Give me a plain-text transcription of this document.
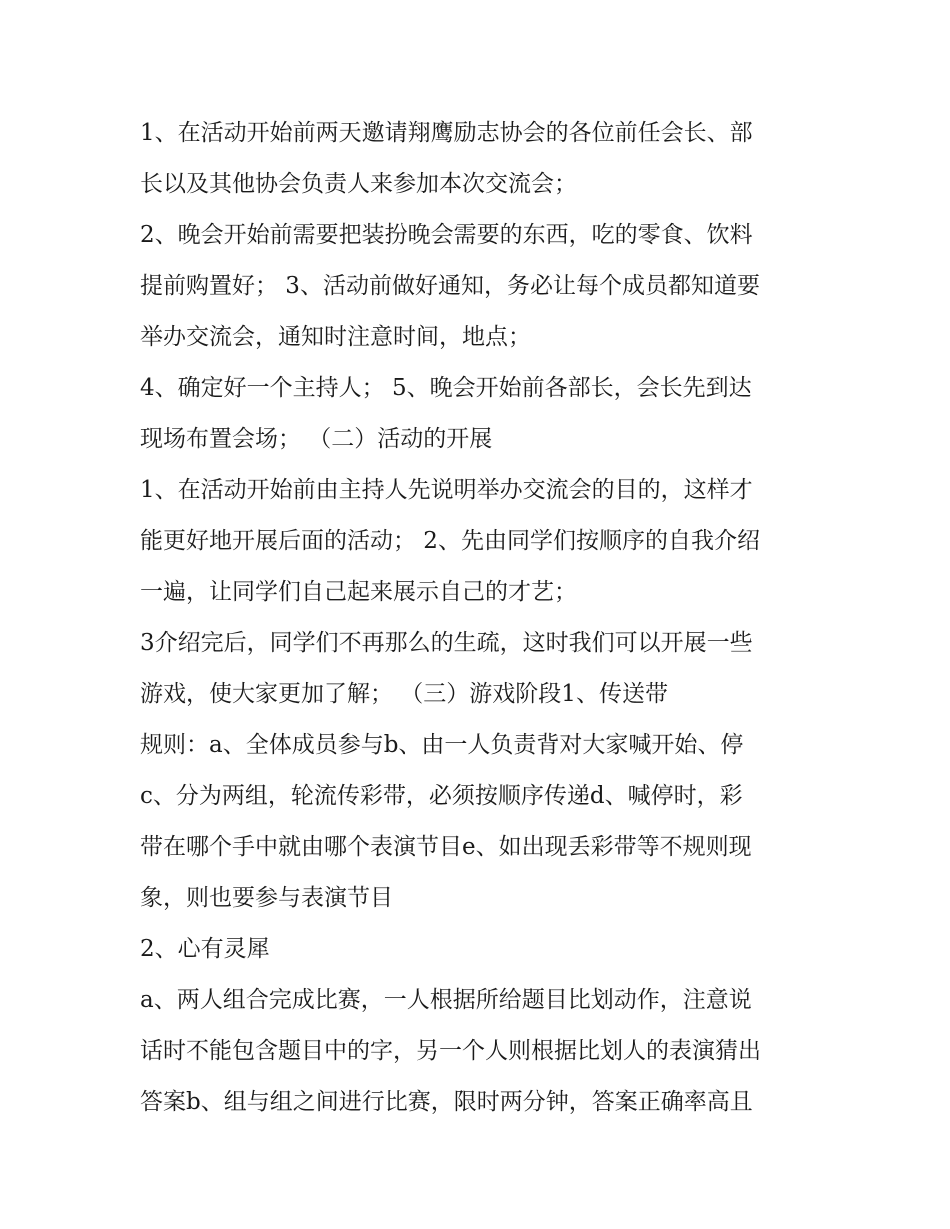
1、在活动开始前两天邀请翔鹰励志协会的各位前任会长、部
长以及其他协会负责人来参加本次交流会；
2、晚会开始前需要把装扮晚会需要的东西，吃的零食、饮料
提前购置好； 3、活动前做好通知，务必让每个成员都知道要
举办交流会，通知时注意时间，地点；
4、确定好一个主持人； 5、晚会开始前各部长，会长先到达
现场布置会场； （二）活动的开展
1、在活动开始前由主持人先说明举办交流会的目的，这样才
能更好地开展后面的活动； 2、先由同学们按顺序的自我介绍
一遍，让同学们自己起来展示自己的才艺；
3介绍完后，同学们不再那么的生疏，这时我们可以开展一些
游戏，使大家更加了解； （三）游戏阶段1、传送带
规则：a、全体成员参与b、由一人负责背对大家喊开始、停
c、分为两组，轮流传彩带，必须按顺序传递d、喊停时，彩
带在哪个手中就由哪个表演节目e、如出现丢彩带等不规则现
象，则也要参与表演节目
2、心有灵犀
a、两人组合完成比赛，一人根据所给题目比划动作，注意说
话时不能包含题目中的字，另一个人则根据比划人的表演猜出
答案b、组与组之间进行比赛，限时两分钟，答案正确率高且
